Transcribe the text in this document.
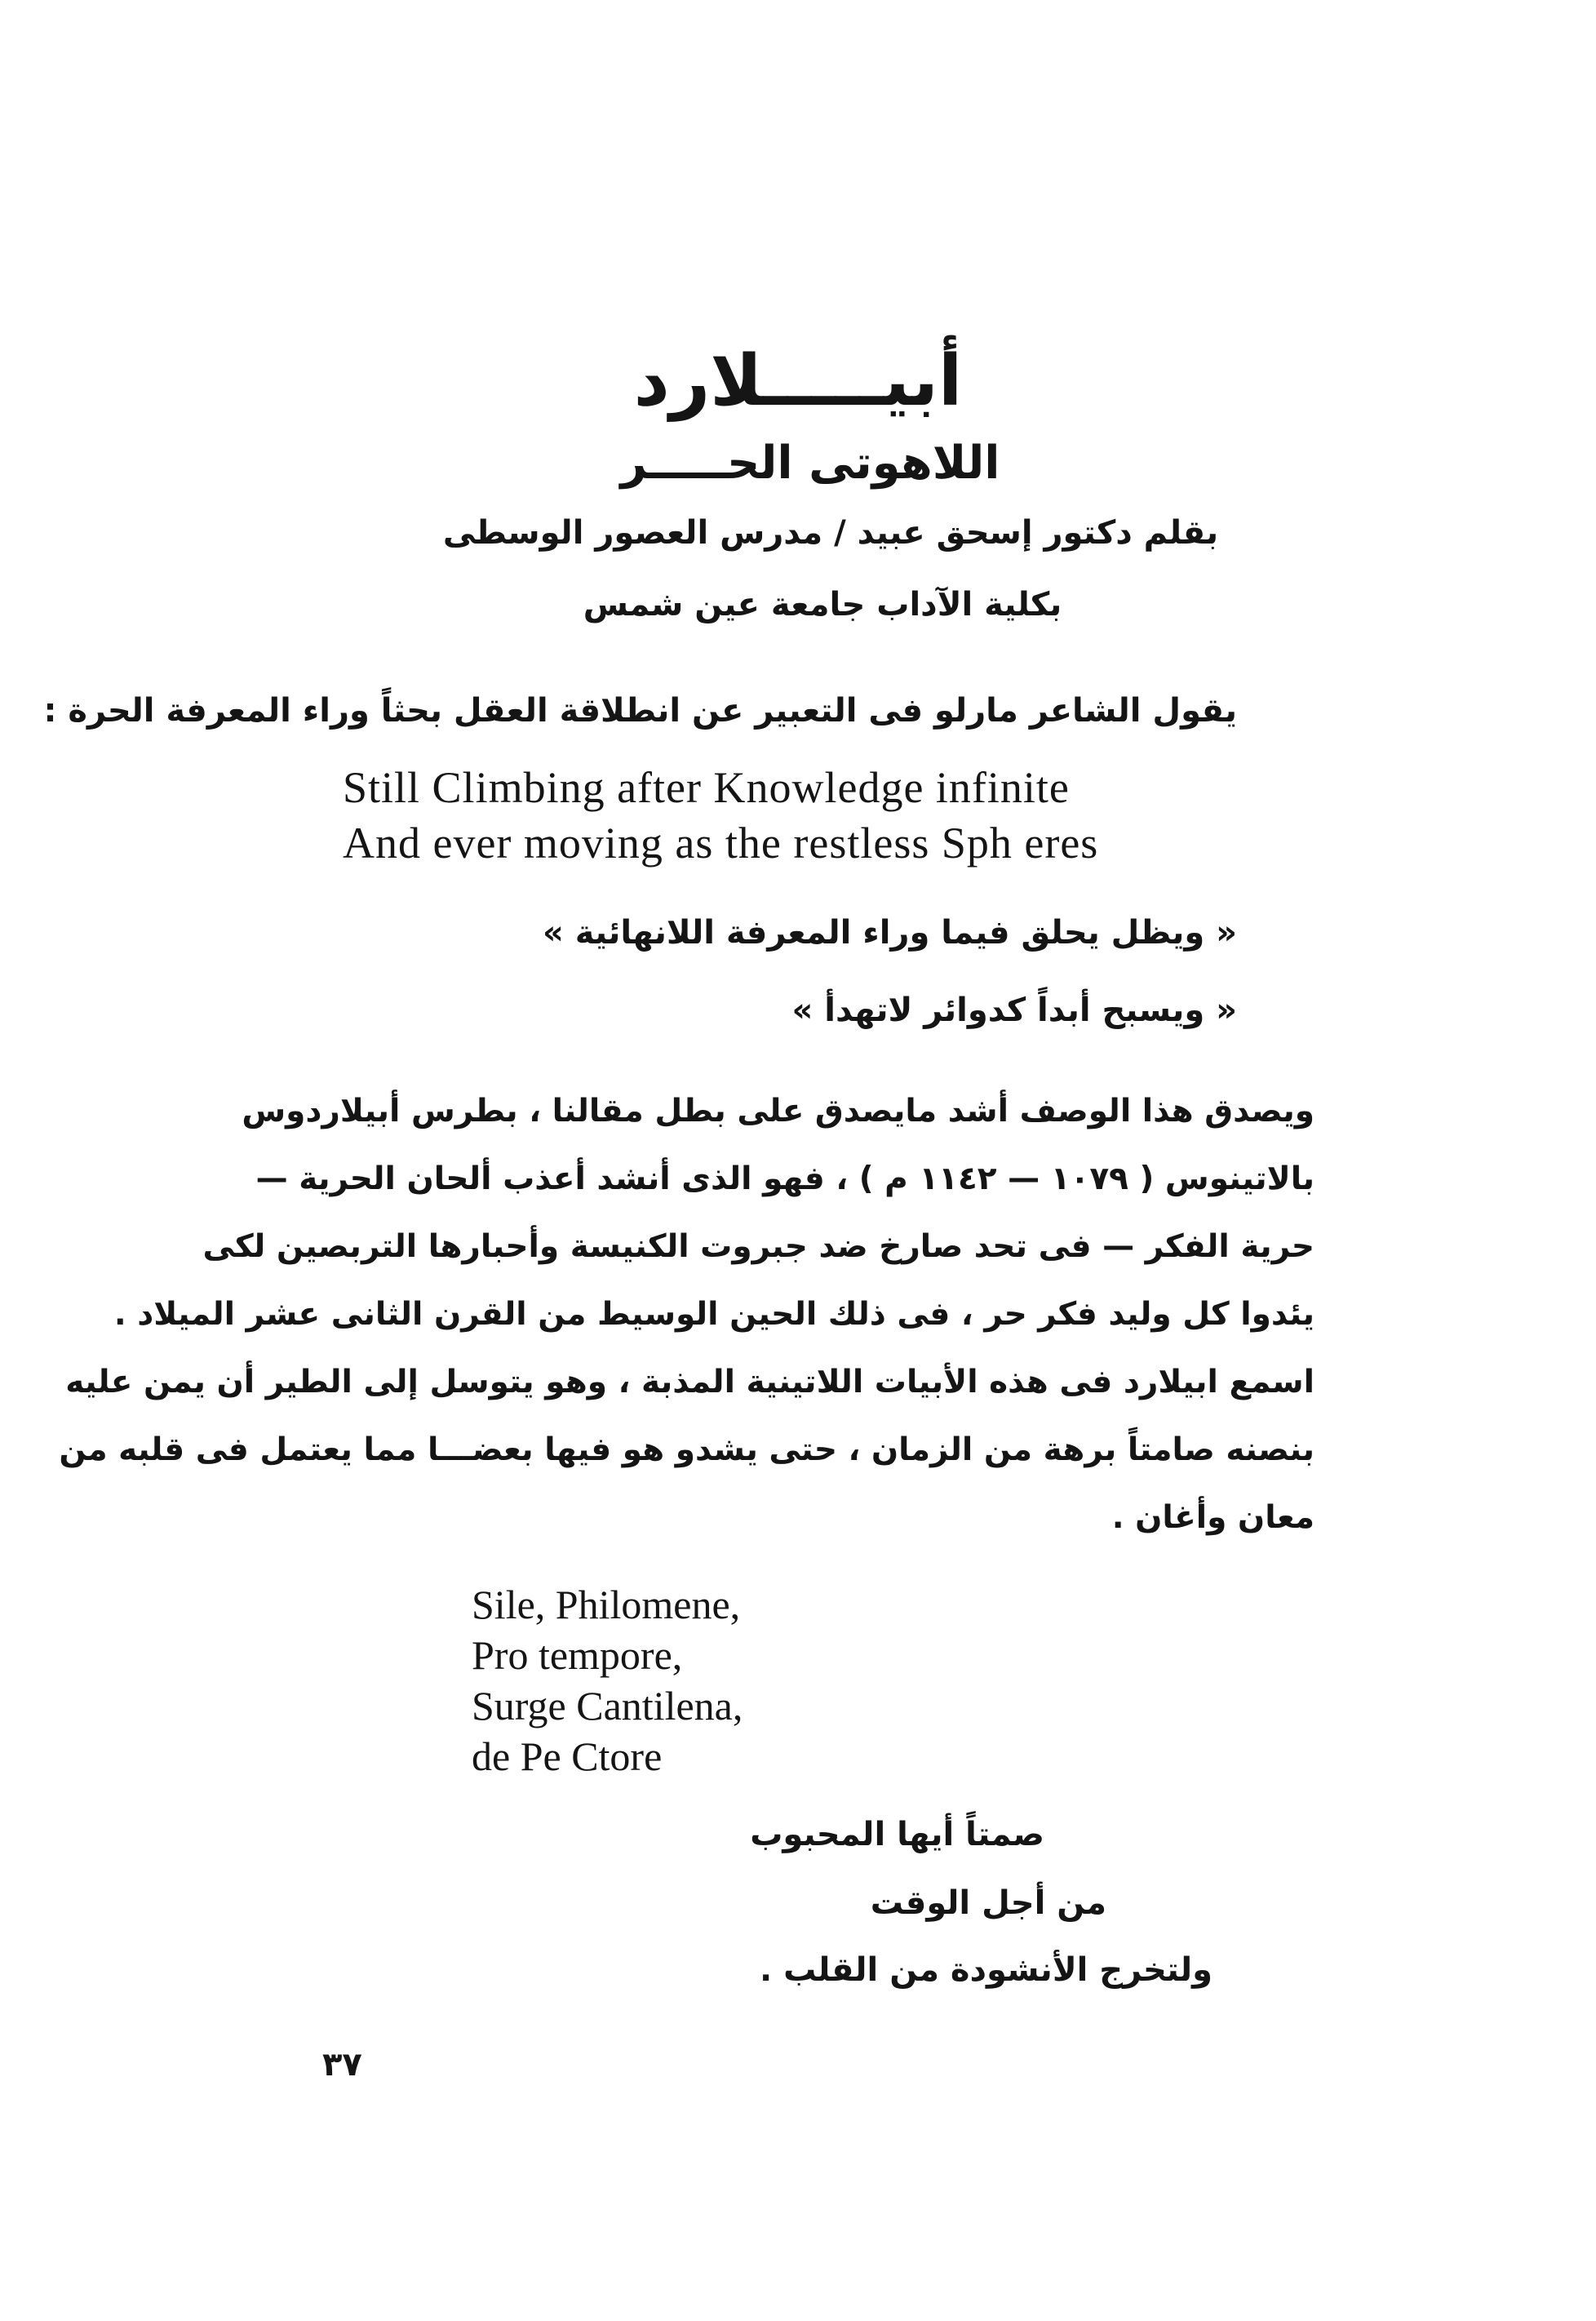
أبيـــــلارد
اللاهوتى الحـــــر
بقلم دكتور إسحق عبيد / مدرس العصور الوسطى
بكلية الآداب جامعة عين شمس
يقول الشاعر مارلو فى التعبير عن انطلاقة العقل بحثاً وراء المعرفة الحرة :
Still Climbing after Knowledge infinite
And ever moving as the restless Sph eres
« ويظل يحلق فيما وراء المعرفة اللانهائية »
« ويسبح أبداً كدوائر لاتهدأ »
ويصدق هذا الوصف أشد مايصدق على بطل مقالنا ، بطرس أبيلاردوس
بالاتينوس ( ١٠٧٩ — ١١٤٢ م ) ، فهو الذى أنشد أعذب ألحان الحرية —
حرية الفكر — فى تحد صارخ ضد جبروت الكنيسة وأحبارها التربصين لكى
يئدوا كل وليد فكر حر ، فى ذلك الحين الوسيط من القرن الثانى عشر الميلاد .
اسمع ابيلارد فى هذه الأبيات اللاتينية المذبة ، وهو يتوسل إلى الطير أن يمن عليه
بنصنه صامتاً برهة من الزمان ، حتى يشدو هو فيها بعضـــا مما يعتمل فى قلبه من
معان وأغان .
Sile, Philomene,
Pro tempore,
Surge Cantilena,
de Pe Ctore
صمتاً أيها المحبوب
من أجل الوقت
ولتخرج الأنشودة من القلب .
٣٧
